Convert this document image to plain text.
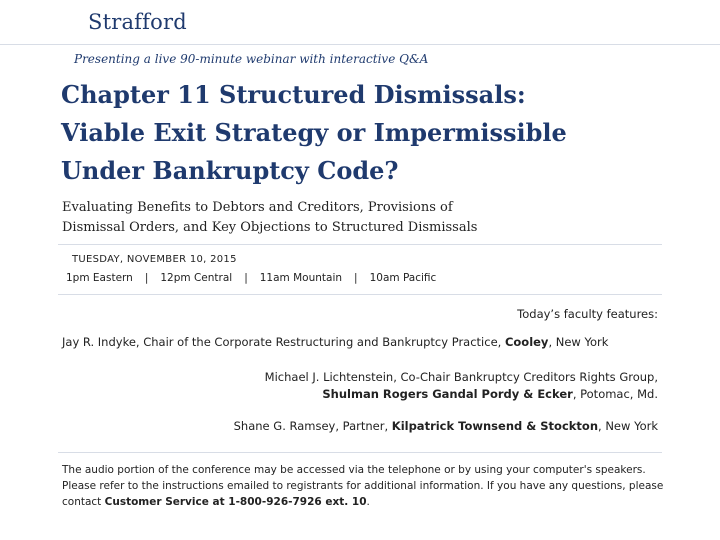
Strafford
Presenting a live 90-minute webinar with interactive Q&A
Chapter 11 Structured Dismissals:
Viable Exit Strategy or Impermissible
Under Bankruptcy Code?
Evaluating Benefits to Debtors and Creditors, Provisions of
Dismissal Orders, and Key Objections to Structured Dismissals
TUESDAY, NOVEMBER 10, 2015
1pm Eastern | 12pm Central | 11am Mountain | 10am Pacific
Today’s faculty features:
Jay R. Indyke, Chair of the Corporate Restructuring and Bankruptcy Practice, Cooley, New York
Michael J. Lichtenstein, Co-Chair Bankruptcy Creditors Rights Group,
Shulman Rogers Gandal Pordy & Ecker, Potomac, Md.
Shane G. Ramsey, Partner, Kilpatrick Townsend & Stockton, New York
The audio portion of the conference may be accessed via the telephone or by using your computer's speakers. Please refer to the instructions emailed to registrants for additional information. If you have any questions, please contact Customer Service at 1-800-926-7926 ext. 10.
